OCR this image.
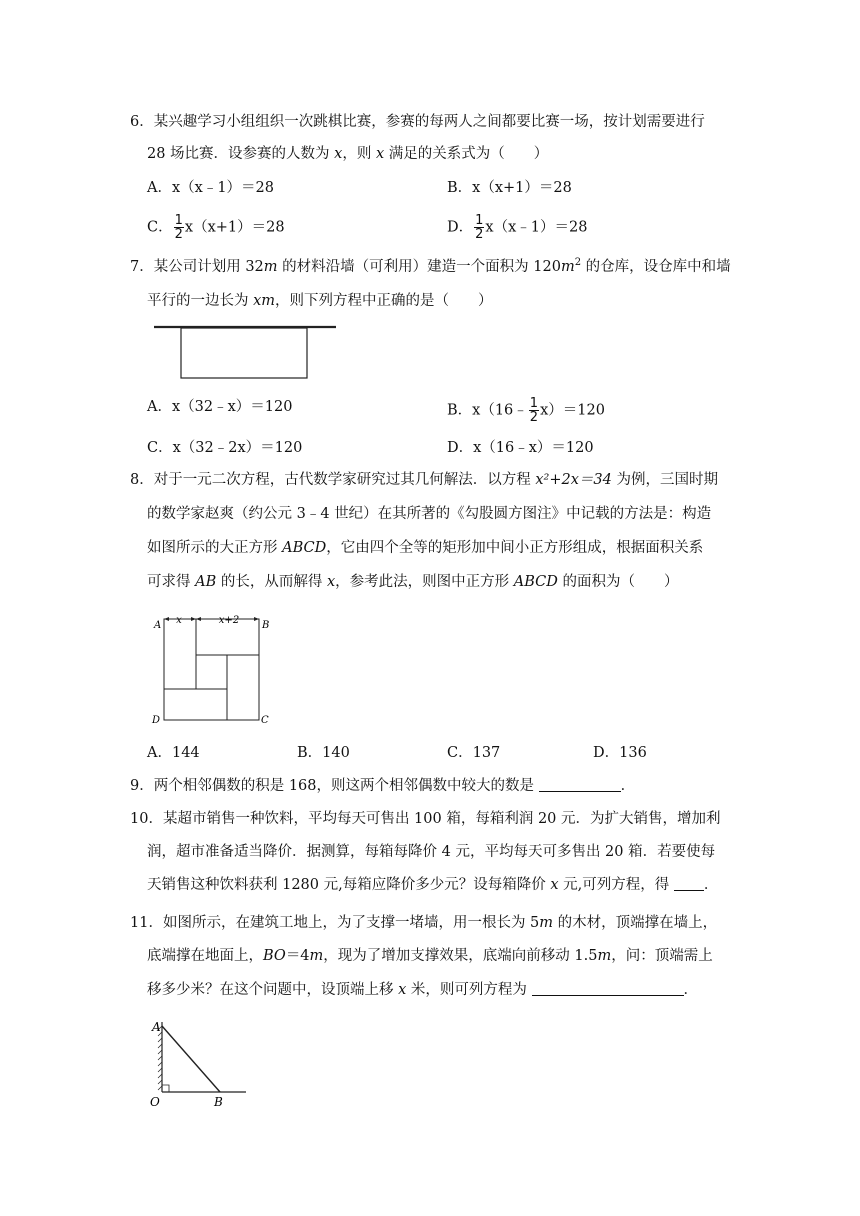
6．某兴趣学习小组组织一次跳棋比赛，参赛的每两人之间都要比赛一场，按计划需要进行
28 场比赛．设参赛的人数为 x，则 x 满足的关系式为（　　）
A．x（x﹣1）＝28	B．x（x+1）＝28
C． $\frac{1}{2} x(x+1)=28$	D． $\frac{1}{2}$ x（x﹣1）＝28
7．某公司计划用 32m 的材料沿墙（可利用）建造一个面积为 $120m^2$ 的仓库，设仓库中和墙
平行的一边长为 xm，则下列方程中正确的是（　　）
A．x（32﹣x）＝120	B．x（16﹣ $\frac{1}{2} x)=120$
C．x（32﹣2x）＝120	D．x（16﹣x）＝120
8．对于一元二次方程，古代数学家研究过其几何解法．以方程 x²+2x＝34 为例，三国时期
的数学家赵爽（约公元 3﹣4 世纪）在其所著的《勾股圆方图注》中记载的方法是：构造
如图所示的大正方形 ABCD，它由四个全等的矩形加中间小正方形组成，根据面积关系
可求得 AB 的长，从而解得 x，参考此法，则图中正方形 ABCD 的面积为（　　）
x	x+2
A	B
D	C
A．144	B．140	C．137	D．136
9．两个相邻偶数的积是 168，则这两个相邻偶数中较大的数是	．
10．某超市销售一种饮料，平均每天可售出 100 箱，每箱利润 20 元．为扩大销售，增加利
润，超市准备适当降价．据测算，每箱每降价 4 元，平均每天可多售出 20 箱．若要使每
天销售这种饮料获利 1280 元,每箱应降价多少元？设每箱降价 x 元,可列方程，得 ．
11．如图所示，在建筑工地上，为了支撑一堵墙，用一根长为 5m 的木材，顶端撑在墙上，
底端撑在地面上，BO＝4m，现为了增加支撑效果，底端向前移动 1.5m，问：顶端需上
移多少米？在这个问题中，设顶端上移 x 米，则可列方程为	．
A
O	B
